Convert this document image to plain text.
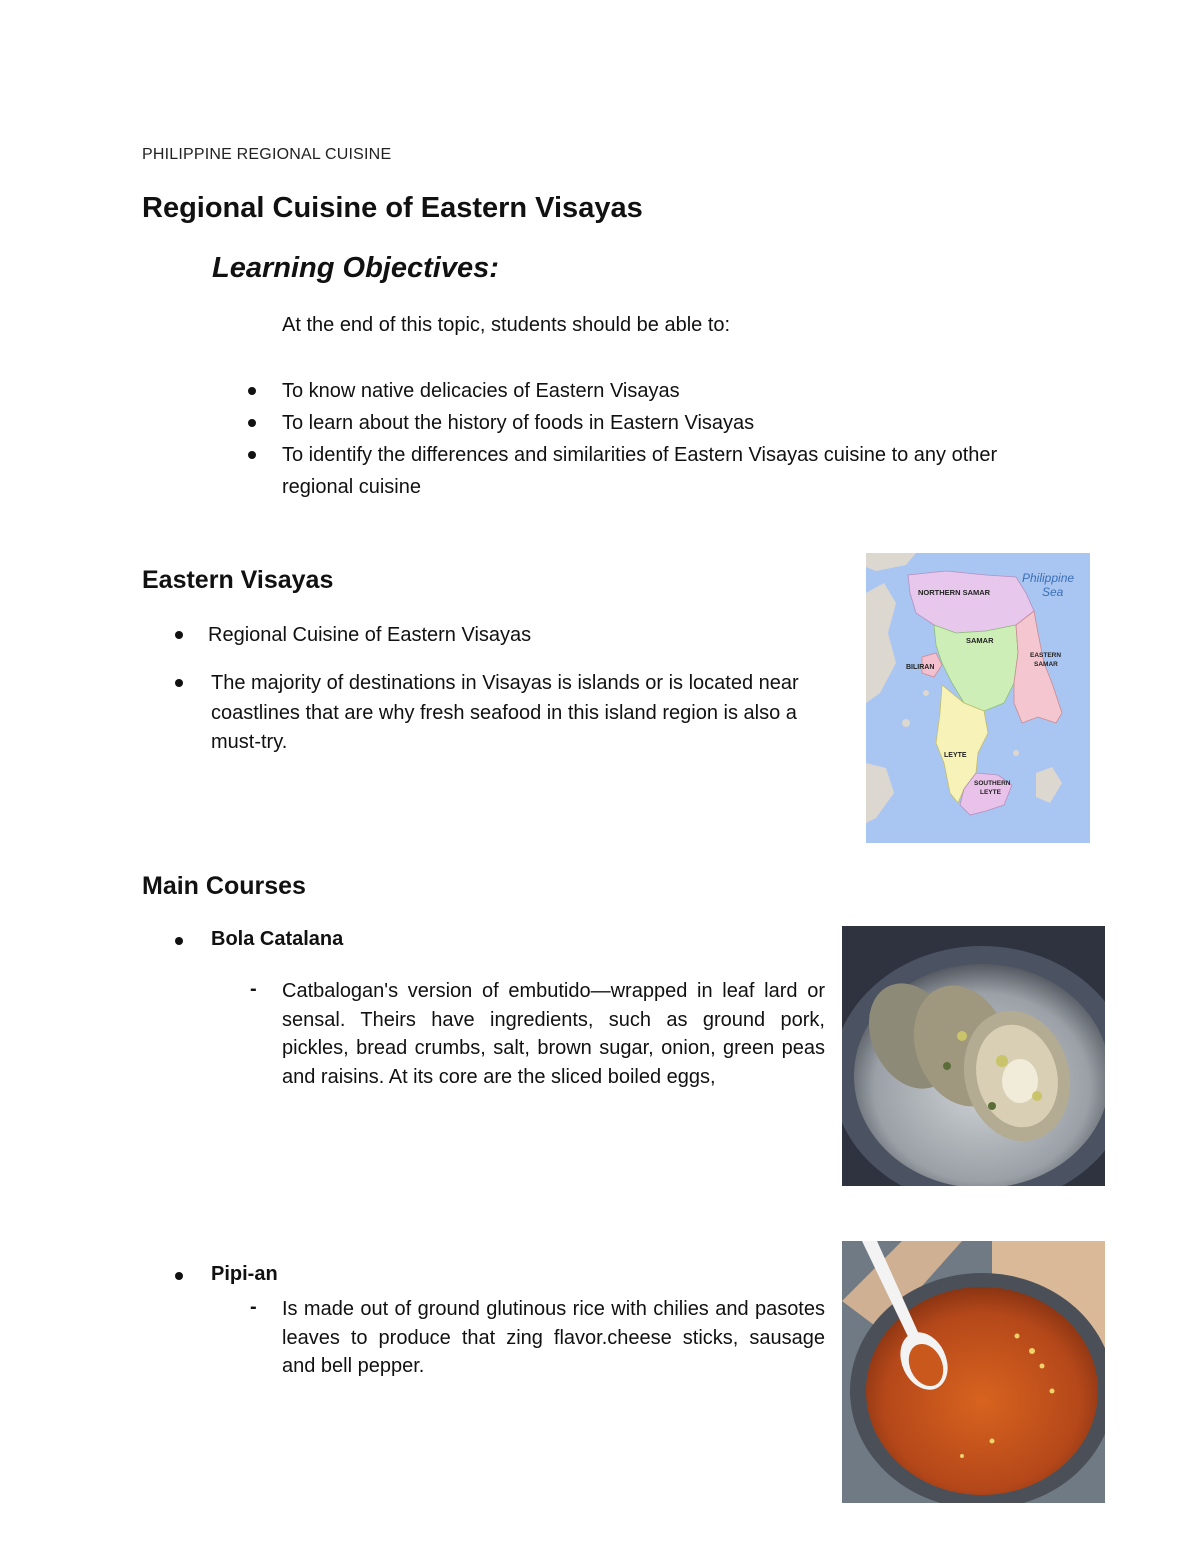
PHILIPPINE REGIONAL CUISINE
Regional Cuisine of Eastern Visayas
Learning Objectives:
At the end of this topic, students should be able to:
To know native delicacies of Eastern Visayas
To learn about the history of foods in Eastern Visayas
To identify the differences and similarities of Eastern Visayas cuisine to any other regional cuisine
Eastern Visayas
Regional Cuisine of Eastern Visayas
The majority of destinations in Visayas is islands or is located near coastlines that are why fresh seafood in this island region is also a must-try.
NORTHERN SAMAR
SAMAR
EASTERN
SAMAR
BILIRAN
LEYTE
SOUTHERN
LEYTE
Philippine
Sea
Main Courses
Bola Catalana
- Catbalogan's version of embutido—wrapped in leaf lard or sensal. Theirs have ingredients, such as ground pork, pickles, bread crumbs, salt, brown sugar, onion, green peas and raisins. At its core are the sliced boiled eggs,
Pipi-an
- Is made out of ground glutinous rice with chilies and pasotes leaves to produce that zing flavor.cheese sticks, sausage and bell pepper.
